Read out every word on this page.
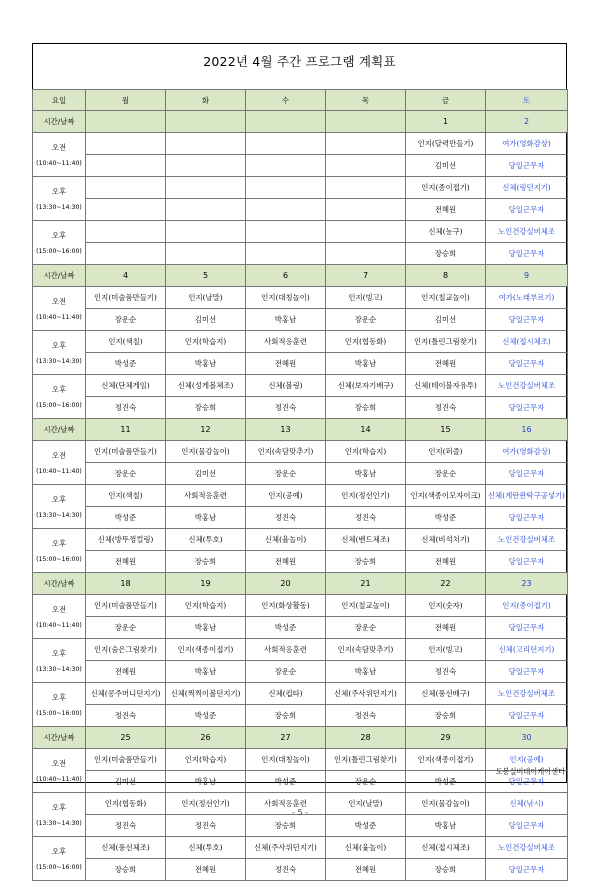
2022년 4월 주간 프로그램 계획표
요일	월	화	수	목	금	토
시간/날짜					1	2

오전
(10:40~11:40)					인지(달력만들기)	여가(영화감상)
					김미선	당일근무자

오후
(13:30~14:30)					인지(종이접기)	신체(링던지기)
					전혜원	당일근무자

오후
(15:00~16:00)					신체(농구)	노인건강실버체조
					장승희	당일근무자
시간/날짜	4	5	6	7	8	9

오전
(10:40~11:40)	인지(미술품만들기)	인지(날말)	인지(대칭놀이)	인지(빙고)	인지(칠교놀이)	여가(노래부르기)
	장운순	김미선	박홍남	장운순	김미선	당일근무자

오후
(13:30~14:30)	인지(색칠)	인지(학습지)	사회적응훈련	인지(협동화)	인지(틀린그림찾기)	신체(접시체조)
	박성준	박홍남	전혜원	박홍남	전혜원	당일근무자

오후
(15:00~16:00)	신체(단체게임)	신체(성게볼체조)	신체(볼링)	신체(보자기배구)	신체(테이블자유투)	노인건강실버체조
	정진숙	장승희	정진숙	장승희	정진숙	당일근무자
시간/날짜	11	12	13	14	15	16

오전
(10:40~11:40)	인지(미술품만들기)	인지(물감놀이)	인지(속담맞추기)	인지(학습지)	인지(퍼즐)	여가(영화감상)
	장운순	김미선	장운순	박홍남	장운순	당일근무자

오후
(13:30~14:30)	인지(색칠)	사회적응훈련	인지(공예)	인지(정선인기)	인지(색종이모자이크)	신체(계란판탁구공넣기)
	박성준	박홍남	정진숙	정진숙	박성준	당일근무자

오후
(15:00~16:00)	신체(방뚜껑컬링)	신체(투호)	신체(율놀이)	신체(밴드체조)	신체(비석치기)	노인건강실버체조
	전혜원	장승희	전혜원	장승희	전혜원	당일근무자
시간/날짜	18	19	20	21	22	23

오전
(10:40~11:40)	인지(미술품만들기)	인지(학습지)	인지(화상활동)	인지(칠교놀이)	인지(숫자)	인지(종이접기)
	장운순	박홍남	박성준	장운순	전혜원	당일근무자

오후
(13:30~14:30)	인지(숨은그림찾기)	인지(색종이접기)	사회적응훈련	인지(속담맞추기)	인지(빙고)	신체(고리던지기)
	전혜원	박홍남	장운순	박홍남	정진숙	당일근무자

오후
(15:00~16:00)	신체(콩주머니던지기)	신체(찍찍이볼던지기)	신체(컵타)	신체(주사위던지기)	신체(풍선배구)	노인건강실버체조
	정진숙	박성준	장승희	정진숙	장승희	당일근무자
시간/날짜	25	26	27	28	29	30

오전
(10:40~11:40)	인지(미술품만들기)	인지(학습지)	인지(대칭놀이)	인지(틀린그림찾기)	인지(색종이접기)	인지(공예)
	김미선	박홍남	박성준	장운순	박성준	당일근무자

오후
(13:30~14:30)	인지(협동화)	인지(정선인기)	사회적응훈련	인지(날말)	인지(물감놀이)	신체(낚시)
	정진숙	정진숙	장승희	박성준	박홍남	당일근무자

오후
(15:00~16:00)	신체(풍선체조)	신체(투호)	신체(주사위던지기)	신체(윷놀이)	신체(접시체조)	노인건강실버체조
	장승희	전혜원	정진숙	전혜원	장승희	당일근무자
도봉실버데이케어센터
- 5 -
